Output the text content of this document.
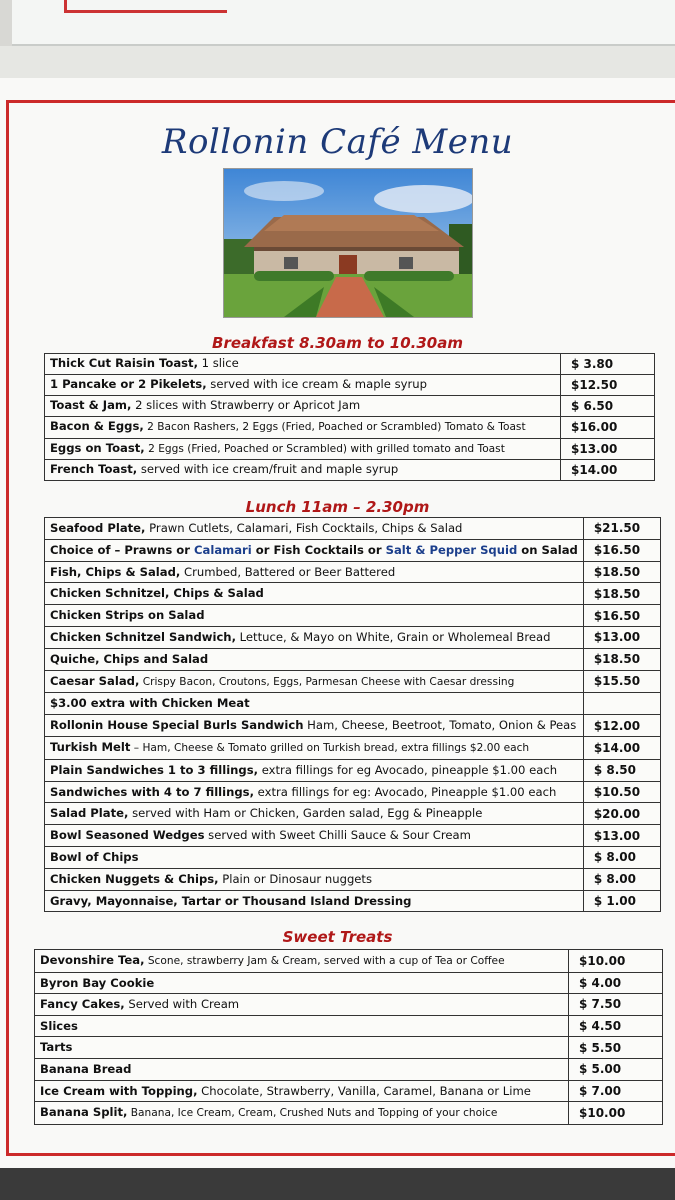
Rollonin Café Menu
Breakfast 8.30am to 10.30am
Thick Cut Raisin Toast, 1 slice	$ 3.80
1 Pancake or 2 Pikelets, served with ice cream & maple syrup	$12.50
Toast & Jam, 2 slices with Strawberry or Apricot Jam	$ 6.50
Bacon & Eggs, 2 Bacon Rashers, 2 Eggs (Fried, Poached or Scrambled) Tomato & Toast	$16.00
Eggs on Toast, 2 Eggs (Fried, Poached or Scrambled) with grilled tomato and Toast	$13.00
French Toast, served with ice cream/fruit and maple syrup	$14.00
Lunch 11am – 2.30pm
Seafood Plate, Prawn Cutlets, Calamari, Fish Cocktails, Chips & Salad	$21.50
Choice of – Prawns or Calamari or Fish Cocktails or Salt & Pepper Squid on Salad	$16.50
Fish, Chips & Salad, Crumbed, Battered or Beer Battered	$18.50
Chicken Schnitzel, Chips & Salad	$18.50
Chicken Strips on Salad	$16.50
Chicken Schnitzel Sandwich, Lettuce, & Mayo on White, Grain or Wholemeal Bread	$13.00
Quiche, Chips and Salad	$18.50
Caesar Salad, Crispy Bacon, Croutons, Eggs, Parmesan Cheese with Caesar dressing	$15.50
$3.00 extra with Chicken Meat	
Rollonin House Special Burls Sandwich Ham, Cheese, Beetroot, Tomato, Onion & Peas	$12.00
Turkish Melt – Ham, Cheese & Tomato grilled on Turkish bread, extra fillings $2.00 each	$14.00
Plain Sandwiches 1 to 3 fillings, extra fillings for eg Avocado, pineapple $1.00 each	$ 8.50
Sandwiches with 4 to 7 fillings, extra fillings for eg: Avocado, Pineapple $1.00 each	$10.50
Salad Plate, served with Ham or Chicken, Garden salad, Egg & Pineapple	$20.00
Bowl Seasoned Wedges served with Sweet Chilli Sauce & Sour Cream	$13.00
Bowl of Chips	$ 8.00
Chicken Nuggets & Chips, Plain or Dinosaur nuggets	$ 8.00
Gravy, Mayonnaise, Tartar or Thousand Island Dressing	$ 1.00
Sweet Treats
Devonshire Tea, Scone, strawberry Jam & Cream, served with a cup of Tea or Coffee	$10.00
Byron Bay Cookie	$ 4.00
Fancy Cakes, Served with Cream	$ 7.50
Slices	$ 4.50
Tarts	$ 5.50
Banana Bread	$ 5.00
Ice Cream with Topping, Chocolate, Strawberry, Vanilla, Caramel, Banana or Lime	$ 7.00
Banana Split, Banana, Ice Cream, Cream, Crushed Nuts and Topping of your choice	$10.00
